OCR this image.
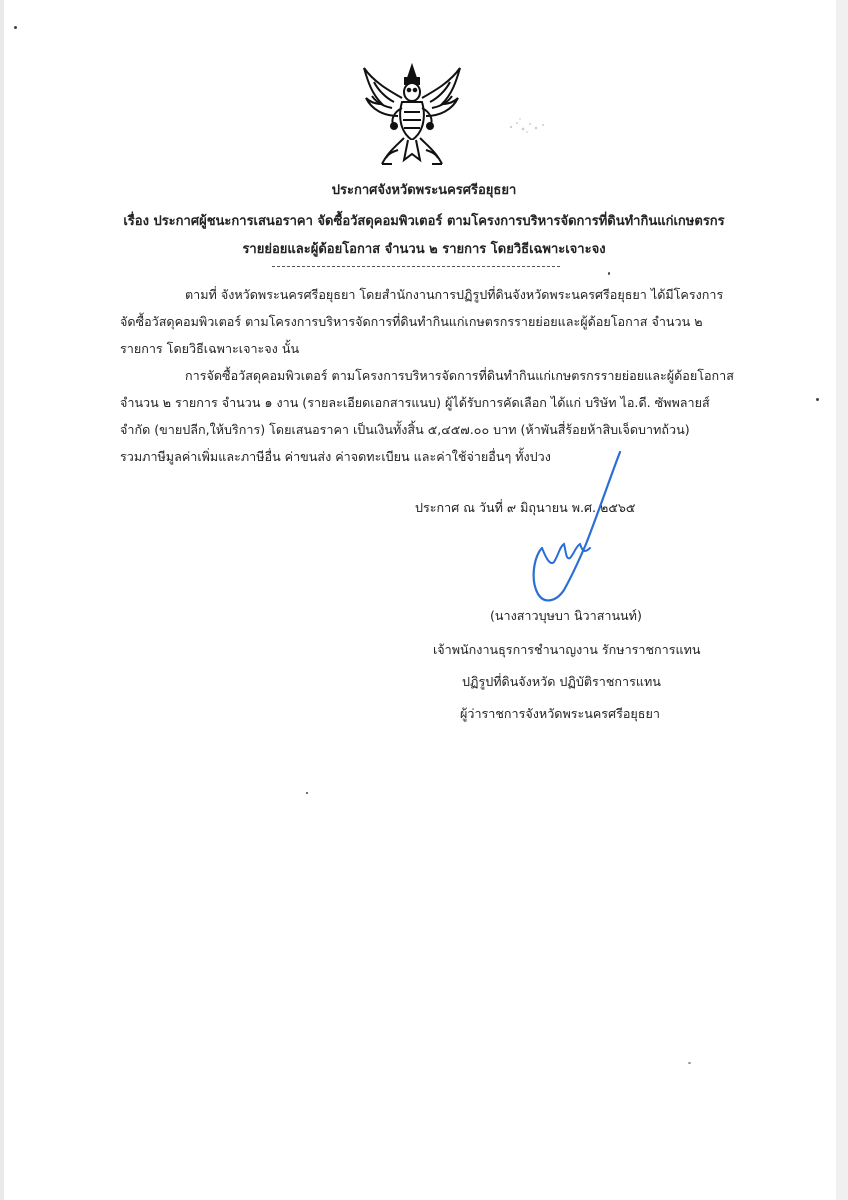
ประกาศจังหวัดพระนครศรีอยุธยา
เรื่อง ประกาศผู้ชนะการเสนอราคา จัดซื้อวัสดุคอมพิวเตอร์ ตามโครงการบริหารจัดการที่ดินทำกินแก่เกษตรกร
รายย่อยและผู้ด้อยโอกาส จำนวน ๒ รายการ โดยวิธีเฉพาะเจาะจง
ตามที่ จังหวัดพระนครศรีอยุธยา โดยสำนักงานการปฏิรูปที่ดินจังหวัดพระนครศรีอยุธยา ได้มีโครงการ
จัดซื้อวัสดุคอมพิวเตอร์ ตามโครงการบริหารจัดการที่ดินทำกินแก่เกษตรกรรายย่อยและผู้ด้อยโอกาส จำนวน ๒
รายการ โดยวิธีเฉพาะเจาะจง นั้น
การจัดซื้อวัสดุคอมพิวเตอร์ ตามโครงการบริหารจัดการที่ดินทำกินแก่เกษตรกรรายย่อยและผู้ด้อยโอกาส
จำนวน ๒ รายการ จำนวน ๑ งาน (รายละเอียดเอกสารแนบ) ผู้ได้รับการคัดเลือก ได้แก่ บริษัท ไอ.ดี. ซัพพลายส์
จำกัด (ขายปลีก,ให้บริการ) โดยเสนอราคา เป็นเงินทั้งสิ้น ๕,๔๕๗.๐๐ บาท (ห้าพันสี่ร้อยห้าสิบเจ็ดบาทถ้วน)
รวมภาษีมูลค่าเพิ่มและภาษีอื่น ค่าขนส่ง ค่าจดทะเบียน และค่าใช้จ่ายอื่นๆ ทั้งปวง
ประกาศ ณ วันที่ ๙ มิถุนายน พ.ศ. ๒๕๖๕
(นางสาวบุษบา นิวาสานนท์)
เจ้าพนักงานธุรการชำนาญงาน รักษาราชการแทน
ปฏิรูปที่ดินจังหวัด ปฏิบัติราชการแทน
ผู้ว่าราชการจังหวัดพระนครศรีอยุธยา
